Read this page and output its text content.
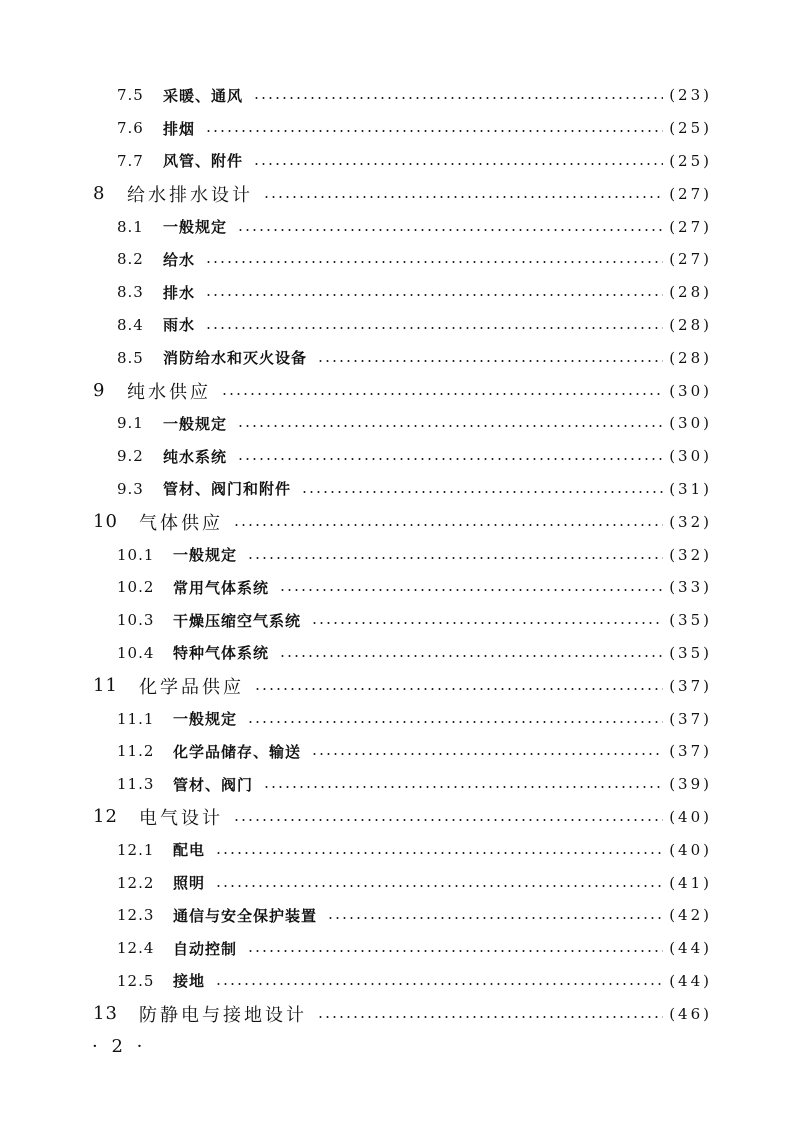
7.5	采暖、通风	(23)
7.6	排烟	(25)
7.7	风管、附件	(25)
8	给水排水设计	(27)
8.1	一般规定	(27)
8.2	给水	(27)
8.3	排水	(28)
8.4	雨水	(28)
8.5	消防给水和灭火设备	(28)
9	纯水供应	(30)
9.1	一般规定	(30)
9.2	纯水系统	(30)
9.3	管材、阀门和附件	(31)
10	气体供应	(32)
10.1	一般规定	(32)
10.2	常用气体系统	(33)
10.3	干燥压缩空气系统	(35)
10.4	特种气体系统	(35)
11	化学品供应	(37)
11.1	一般规定	(37)
11.2	化学品储存、输送	(37)
11.3	管材、阀门	(39)
12	电气设计	(40)
12.1	配电	(40)
12.2	照明	(41)
12.3	通信与安全保护装置	(42)
12.4	自动控制	(44)
12.5	接地	(44)
13	防静电与接地设计	(46)
· 2 ·
